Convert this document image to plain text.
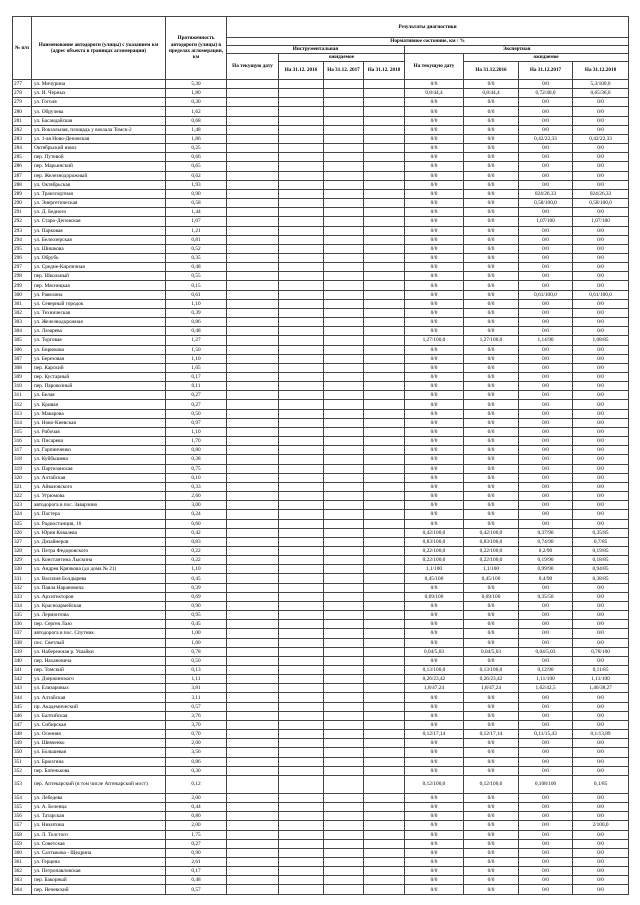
№ п/п	Наименование автодороги (улицы) с указанием км (адрес объекта в границах агломерации)	Протяженность автодороги (улицы) в пределах агломерации, км	Результаты диагностики							
			Нормативное состояние, км / %							
			Инструментальная				Экспертная			
			На текущую дату	ожидаемое			На текущую дату	ожидаемое		
				На 31.12. 2016	На 31.12. 2017	На 31.12. 2018		На 31.12.2016	На 31.12.2017	На 31.12.2018
277	ул. Мичурина	5,30					0/0	0/0	0/0	5,3/100,0
278	ул. И. Черных	1,80					0,8/44,4	0,8/44,4	0,72/40,0	0,65/36,0
279	ул. Гоголя	0,30					0/0	0/0	0/0	0/0
280	ул. Обручева	1,62					0/0	0/0	0/0	0/0
281	ул. Басандайская	0,68					0/0	0/0	0/0	0/0
282	ул. Вокзальная, площадь у вокзала Томск-2	1,48					0/0	0/0	0/0	0/0
283	ул. 1-ая Ново-Деповская	1,86					0/0	0/0	0,42/22,33	0,42/22,33
284	Октябрьский взвоз	0,25					0/0	0/0	0/0	0/0
285	пер. Путевой	0,66					0/0	0/0	0/0	0/0
286	пер. Марьинский	0,65					0/0	0/0	0/0	0/0
287	пер. Железнодорожный	0,62					0/0	0/0	0/0	0/0
288	ул. Октябрьская	1,93					0/0	0/0	0/0	0/0
289	ул. Транспортная	0,90					0/0	0/0	024/26,33	024/26,33
290	ул. Энергетическая	0,58					0/0	0/0	0,58/100,0	0,58/100,0
291	ул. Д. Бедного	1,44					0/0	0/0	0/0	0/0
292	ул. Старо-Деповская	1,07					0/0	0/0	1,07/100	1,07/100
293	ул. Парковая	1,21					0/0	0/0	0/0	0/0
294	ул. Белоозерская	0,81					0/0	0/0	0/0	0/0
295	ул. Шишкова	0,52					0/0	0/0	0/0	0/0
296	ул. Обрубь	0,35					0/0	0/0	0/0	0/0
297	ул. Средне-Кирпичная	0,48					0/0	0/0	0/0	0/0
298	пер. Школьный	0,55					0/0	0/0	0/0	0/0
299	пер. Мясницкая	0,15					0/0	0/0	0/0	0/0
300	ул. Равелина	0,61					0/0	0/0	0,61/100,0	0,61/100,0
301	ул. Северный городок	1,10					0/0	0/0	0/0	0/0
302	ул. Техническая	0,39					0/0	0/0	0/0	0/0
303	ул. Железнодорожная	0,86					0/0	0/0	0/0	0/0
304	ул. Лазарева	0,48					0/0	0/0	0/0	0/0
305	ул. Торговая	1,27					1,27/100,0	1,27/100,0	1,14/90	1,08/85
306	ул. Бирюкова	1,50					0/0	0/0	0/0	0/0
307	ул. Березовая	1,10					0/0	0/0	0/0	0/0
308	пер. Карский	1,05					0/0	0/0	0/0	0/0
309	пер. Кустарный	0,17					0/0	0/0	0/0	0/0
310	пер. Паровозный	0,11					0/0	0/0	0/0	0/0
311	ул. Белая	0,27					0/0	0/0	0/0	0/0
312	ул. Кривая	0,27					0/0	0/0	0/0	0/0
313	ул. Макарова	0,50					0/0	0/0	0/0	0/0
314	ул. Ново-Киевская	0,97					0/0	0/0	0/0	0/0
315	ул. Рабочая	1,10					0/0	0/0	0/0	0/0
316	ул. Писарева	1,70					0/0	0/0	0/0	0/0
317	ул. Гарпинченко	0,80					0/0	0/0	0/0	0/0
318	ул. Куйбышева	0,38					0/0	0/0	0/0	0/0
319	ул. Партизанская	0,75					0/0	0/0	0/0	0/0
320	ул. Алтайская	0,10					0/0	0/0	0/0	0/0
321	ул. Айвазовского	0,33					0/0	0/0	0/0	0/0
322	ул. Угрюмова	2,60					0/0	0/0	0/0	0/0
323	автодорога в пос. Заварзино	3,00					0/0	0/0	0/0	0/0
324	ул. Пастера	0,24					0/0	0/0	0/0	0/0
325	ул. Радиостанция, 16	0,60					0/0	0/0	0/0	0/0
326	ул. Юрия Ковалева	0,42					0,42/100,0	0,42/100,0	0,37/90	0,35/85
327	ул. Дизайнеров	0,83					0,83/100,0	0,83/100,0	0,74/90	0,7/85
328	ул. Петра Федоровского	0,22					0,22/100,0	0,22/100,0	0,2/90	0,19/85
329	ул. Константина Лыскина	0,22					0,22/100,0	0,22/100,0	0,19/90	0,18/85
330	ул. Андрея Крячкова (до дома № 21)	1,10					1,1/100	1,1/100	0,99/90	0,94/85
331	ул. Василия Болдырева	0,45					0,45/100	0,45/100	0,4/90	0,38/85
332	ул. Павла Нарановича	0,39					0/0	0/0	0/0	0/0
333	ул. Архитекторов	0,69					0,69/100	0,69/100	0,35/50	0/0
334	ул. Красноармейская	0,90					0/0	0/0	0/0	0/0
335	ул. Лермонтова	0,95					0/0	0/0	0/0	0/0
336	пер. Сергея Лазо	0,45					0/0	0/0	0/0	0/0
337	автодорога в пос. Спутник	1,00					0/0	0/0	0/0	0/0
338	пос. Светлый	1,00					0/0	0/0	0/0	0/0
339	ул. Набережная р. Ушайки	0,78					0,04/5,03	0,04/5,03	0,04/5,03	0,78/100
340	пер. Нахановича	0,50					0/0	0/0	0/0	0/0
341	пер. Томский	0,13					0,13/100,0	0,13/100,0	0,12/90	0,11/85
342	ул. Дзержинского	1,11					0,26/23,42	0,26/23,42	1,11/100	1,11/100
343	ул. Елизаровых	3,81					1,8/47,24	1,8/47,24	1,62/42,5	1,46/38,27
344	ул. Алтайская	3,11					0/0	0/0	0/0	0/0
345	пр. Академический	0,57					0/0	0/0	0/0	0/0
346	ул. Балтийская	3,76					0/0	0/0	0/0	0/0
347	ул. Сибирская	3,70					0/0	0/0	0/0	0/0
348	ул. Осенняя	0,70					0,12/17,14	0,12/17,14	0,11/15,43	0,1/13,89
349	ул. Шевченко	2,00					0/0	0/0	0/0	0/0
350	ул. Большевая	3,56					0/0	0/0	0/0	0/0
351	ул. Брюзгина	0,86					0/0	0/0	0/0	0/0
352	пер. Батенькова	0,30					0/0	0/0	0/0	0/0
353	пер. Аптекарский (в том числе Аптекарский мост)	0,12					0,12/100,0	0,12/100,0	0,108/100	0,1/85
354	ул. Лебедева	2,00					0/0	0/0	0/0	0/0
355	ул. А. Беленца	0,44					0/0	0/0	0/0	0/0
356	ул. Татарская	0,80					0/0	0/0	0/0	0/0
357	ул. Никитина	2,00					0/0	0/0	0/0	2/100,0
358	ул. Л. Толстого	1,75					0/0	0/0	0/0	0/0
359	ул. Советская	0,27					0/0	0/0	0/0	0/0
360	ул. Салтыкова - Щедрина	0,90					0/0	0/0	0/0	0/0
361	ул. Герцена	2,61					0/0	0/0	0/0	0/0
362	ул. Петропавловская	0,17					0/0	0/0	0/0	0/0
363	пер. Бакорный	0,48					0/0	0/0	0/0	0/0
364	пер. Нечевский	0,57					0/0	0/0	0/0	0/0
